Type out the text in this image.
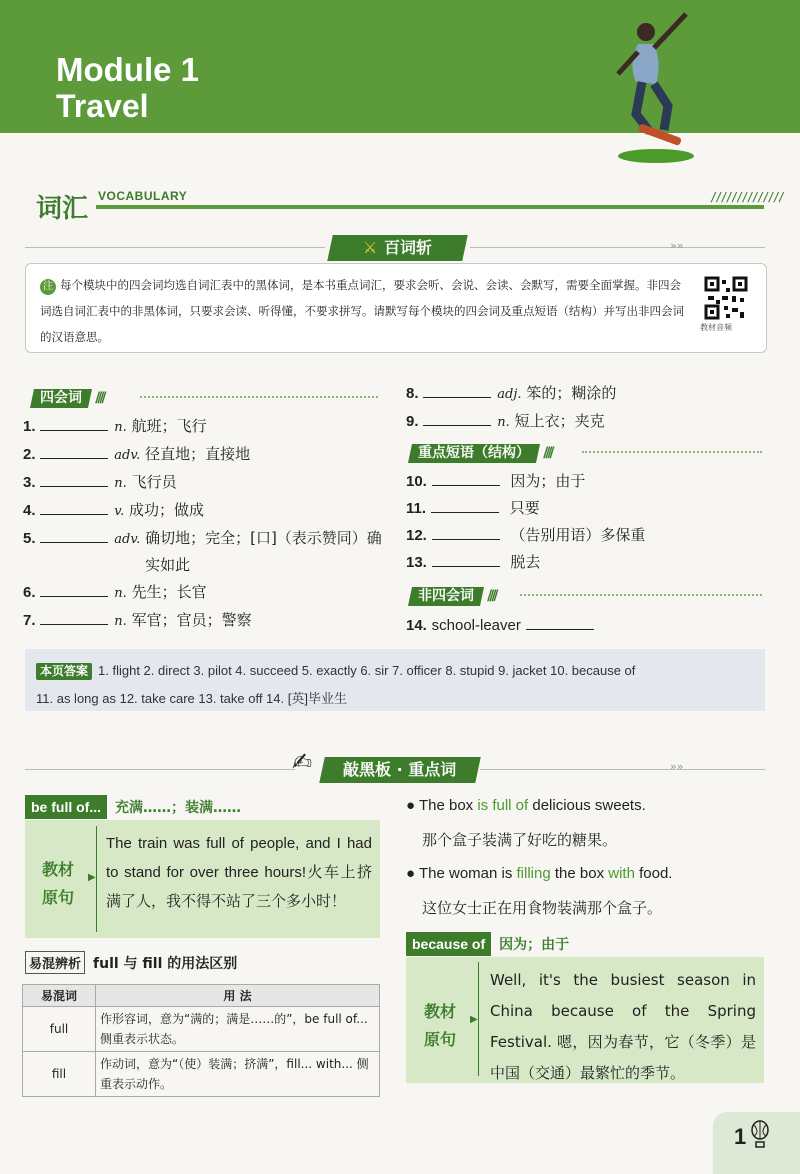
Module 1
Travel
词汇 VOCABULARY	//////////////
»»
⚔ 百词斩
注 每个模块中的四会词均选自词汇表中的黑体词，是本书重点词汇，要求会听、会说、会读、会默写，需要全面掌握。非四会词选自词汇表中的非黑体词，只要求会读、听得懂，不要求拼写。请默写每个模块的四会词及重点短语（结构）并写出非四会词的汉语意思。
教材音频
四会词 ////
1.	n. 航班；飞行
2.	adv. 径直地；直接地
3.	n. 飞行员
4.	v. 成功；做成
5.	adv. 确切地；完全；[口]（表示赞同）确实如此
6.	n. 先生；长官
7.	n. 军官；官员；警察
8.	adj. 笨的；糊涂的
9.	n. 短上衣；夹克
重点短语（结构） ////
10.	因为；由于
11.	只要
12.	（告别用语）多保重
13.	脱去
非四会词 ////
14. school-leaver
本页答案 1. flight 2. direct 3. pilot 4. succeed 5. exactly 6. sir 7. officer 8. stupid 9. jacket 10. because of
11. as long as 12. take care 13. take off 14. [英]毕业生
»»
✍	敲黑板 · 重点词
be full of...	充满……；装满……
教材原句
▶
The train was full of people, and I had to stand for over three hours!火车上挤满了人，我不得不站了三个多小时！
易混辨析 full 与 fill 的用法区别
易混词	用 法
full	作形容词，意为“满的；满是……的”，be full of... 侧重表示状态。
fill	作动词，意为“（使）装满；挤满”，fill... with... 侧重表示动作。
● The box is full of delicious sweets.
那个盒子装满了好吃的糖果。
● The woman is filling the box with food.
这位女士正在用食物装满那个盒子。
because of	因为；由于
教材原句
▶
Well, it's the busiest season in China because of the Spring Festival. 嗯，因为春节，它（冬季）是中国（交通）最繁忙的季节。
1
